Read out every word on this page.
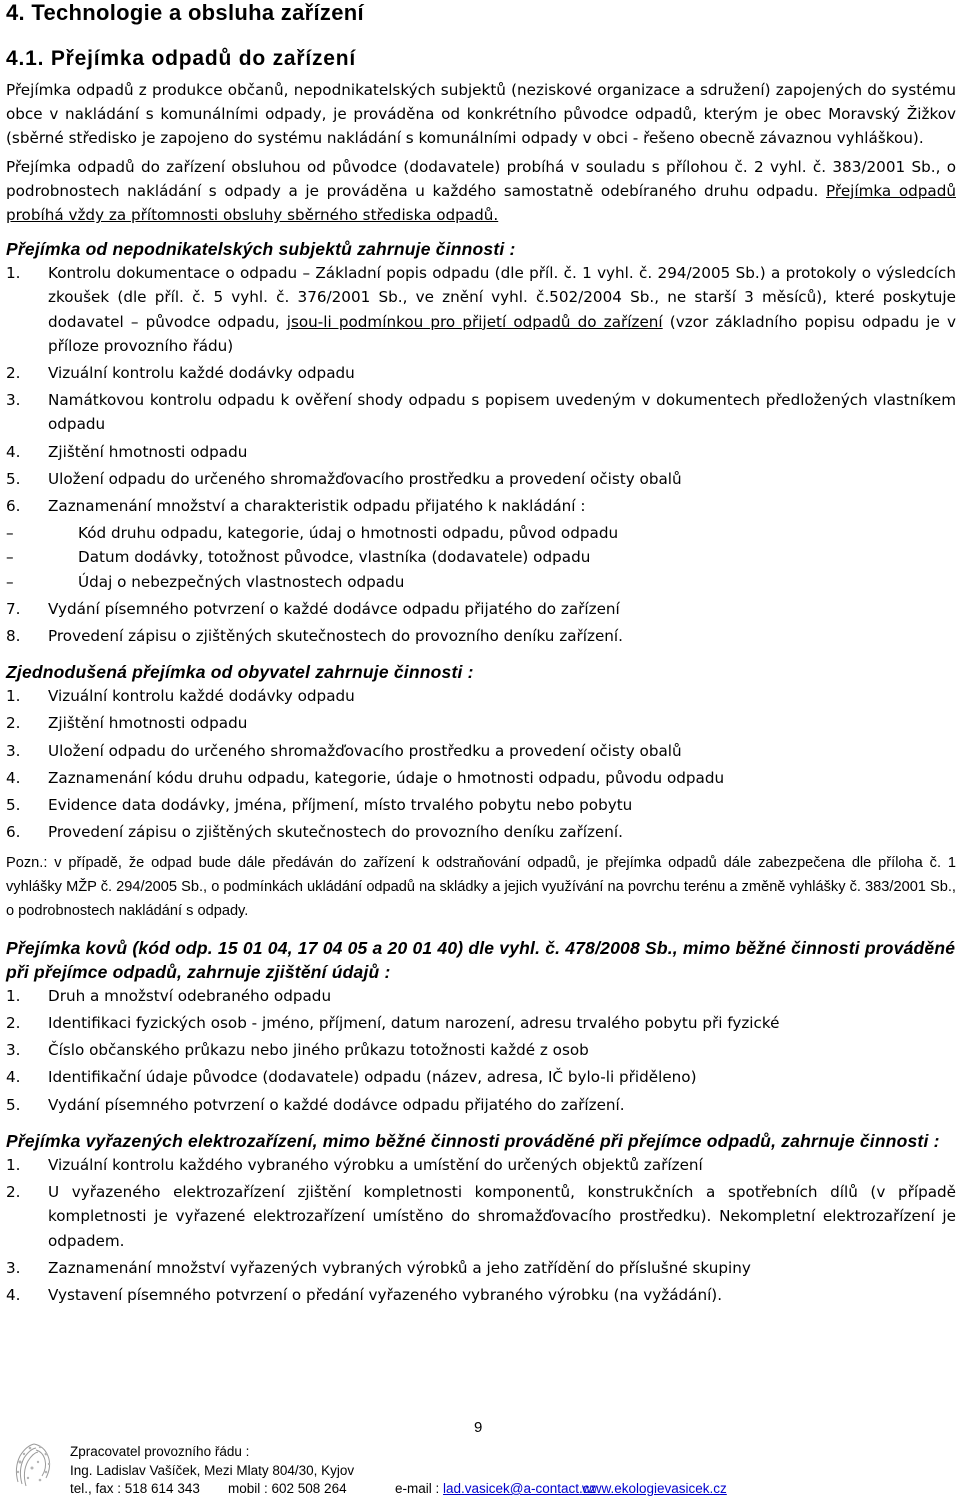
4. Technologie a obsluha zařízení
4.1. Přejímka odpadů do zařízení

Přejímka odpadů z produkce občanů, nepodnikatelských subjektů (neziskové organizace a sdružení) zapojených do systému obce v nakládání s komunálními odpady, je prováděna od konkrétního původce odpadů, kterým je obec Moravský Žižkov (sběrné středisko je zapojeno do systému nakládání s komunálními odpady v obci - řešeno obecně závaznou vyhláškou).

Přejímka odpadů do zařízení obsluhou od původce (dodavatele) probíhá v souladu s přílohou č. 2 vyhl. č. 383/2001 Sb., o podrobnostech nakládání s odpady a je prováděna u každého samostatně odebíraného druhu odpadu. Přejímka odpadů probíhá vždy za přítomnosti obsluhy sběrného střediska odpadů.

Přejímka od nepodnikatelských subjektů zahrnuje činnosti :
1. Kontrolu dokumentace o odpadu – Základní popis odpadu (dle příl. č. 1 vyhl. č. 294/2005 Sb.) a protokoly o výsledcích zkoušek (dle příl. č. 5 vyhl. č. 376/2001 Sb., ve znění vyhl. č.502/2004 Sb., ne starší 3 měsíců), které poskytuje dodavatel – původce odpadu, jsou-li podmínkou pro přijetí odpadů do zařízení (vzor základního popisu odpadu je v příloze provozního řádu)
2. Vizuální kontrolu každé dodávky odpadu
3. Namátkovou kontrolu odpadu k ověření shody odpadu s popisem uvedeným v dokumentech předložených vlastníkem odpadu
4. Zjištění hmotnosti odpadu
5. Uložení odpadu do určeného shromažďovacího prostředku a provedení očisty obalů
6. Zaznamenání množství a charakteristik odpadu přijatého k nakládání :
–	Kód druhu odpadu, kategorie, údaj o hmotnosti odpadu, původ odpadu
–	Datum dodávky, totožnost původce, vlastníka (dodavatele) odpadu
–	Údaj o nebezpečných vlastnostech odpadu
7. Vydání písemného potvrzení o každé dodávce odpadu přijatého do zařízení
8. Provedení zápisu o zjištěných skutečnostech do provozního deníku zařízení.
Zjednodušená přejímka od obyvatel zahrnuje činnosti :
1. Vizuální kontrolu každé dodávky odpadu
2. Zjištění hmotnosti odpadu
3. Uložení odpadu do určeného shromažďovacího prostředku a provedení očisty obalů
4. Zaznamenání kódu druhu odpadu, kategorie, údaje o hmotnosti odpadu, původu odpadu
5. Evidence data dodávky, jména, příjmení, místo trvalého pobytu nebo pobytu
6. Provedení zápisu o zjištěných skutečnostech do provozního deníku zařízení.

Pozn.: v případě, že odpad bude dále předáván do zařízení k odstraňování odpadů, je přejímka odpadů dále zabezpečena dle příloha č. 1 vyhlášky MŽP č. 294/2005 Sb., o podmínkách ukládání odpadů na skládky a jejich využívání na povrchu terénu a změně vyhlášky č. 383/2001 Sb., o podrobnostech nakládání s odpady.

Přejímka kovů (kód odp. 15 01 04, 17 04 05 a 20 01 40) dle vyhl. č. 478/2008 Sb., mimo běžné činnosti prováděné při přejímce odpadů, zahrnuje zjištění údajů :
1. Druh a množství odebraného odpadu
2. Identifikaci fyzických osob - jméno, příjmení, datum narození, adresu trvalého pobytu při fyzické
3. Číslo občanského průkazu nebo jiného průkazu totožnosti každé z osob
4. Identifikační údaje původce (dodavatele) odpadu (název, adresa, IČ bylo-li přiděleno)
5. Vydání písemného potvrzení o každé dodávce odpadu přijatého do zařízení.
Přejímka vyřazených elektrozařízení, mimo běžné činnosti prováděné při přejímce odpadů, zahrnuje činnosti :
1. Vizuální kontrolu každého vybraného výrobku a umístění do určených objektů zařízení
2. U vyřazeného elektrozařízení zjištění kompletnosti komponentů, konstrukčních a spotřebních dílů (v případě kompletnosti je vyřazené elektrozařízení umístěno do shromažďovacího prostředku). Nekompletní elektrozařízení je odpadem.
3. Zaznamenání množství vyřazených vybraných výrobků a jeho zatřídění do příslušné skupiny
4. Vystavení písemného potvrzení o předání vyřazeného vybraného výrobku (na vyžádání).
9
Zpracovatel provozního řádu :
Ing. Ladislav Vašíček, Mezi Mlaty 804/30, Kyjov
tel., fax : 518 614 343 mobil : 602 508 264	e-mail : lad.vasicek@a-contact.cz
www.ekologievasicek.cz
